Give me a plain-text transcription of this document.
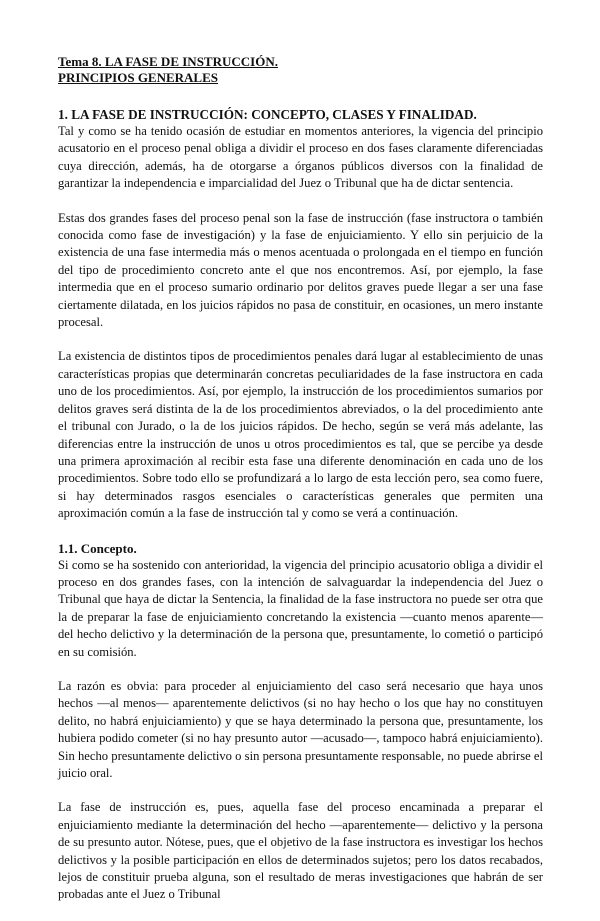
Tema 8. LA FASE DE INSTRUCCIÓN.
PRINCIPIOS GENERALES
1. LA FASE DE INSTRUCCIÓN: CONCEPTO, CLASES Y FINALIDAD.

Tal y como se ha tenido ocasión de estudiar en momentos anteriores, la vigencia del principio acusatorio en el proceso penal obliga a dividir el proceso en dos fases claramente diferenciadas cuya dirección, además, ha de otorgarse a órganos públicos diversos con la finalidad de garantizar la independencia e imparcialidad del Juez o Tribunal que ha de dictar sentencia.

Estas dos grandes fases del proceso penal son la fase de instrucción (fase instructora o también conocida como fase de investigación) y la fase de enjuiciamiento. Y ello sin perjuicio de la existencia de una fase intermedia más o menos acentuada o prolongada en el tiempo en función del tipo de procedimiento concreto ante el que nos encontremos. Así, por ejemplo, la fase intermedia que en el proceso sumario ordinario por delitos graves puede llegar a ser una fase ciertamente dilatada, en los juicios rápidos no pasa de constituir, en ocasiones, un mero instante procesal.

La existencia de distintos tipos de procedimientos penales dará lugar al establecimiento de unas características propias que determinarán concretas peculiaridades de la fase instructora en cada uno de los procedimientos. Así, por ejemplo, la instrucción de los procedimientos sumarios por delitos graves será distinta de la de los procedimientos abreviados, o la del procedimiento ante el tribunal con Jurado, o la de los juicios rápidos. De hecho, según se verá más adelante, las diferencias entre la instrucción de unos u otros procedimientos es tal, que se percibe ya desde una primera aproximación al recibir esta fase una diferente denominación en cada uno de los procedimientos. Sobre todo ello se profundizará a lo largo de esta lección pero, sea como fuere, si hay determinados rasgos esenciales o características generales que permiten una aproximación común a la fase de instrucción tal y como se verá a continuación.

1.1. Concepto.

Si como se ha sostenido con anterioridad, la vigencia del principio acusatorio obliga a dividir el proceso en dos grandes fases, con la intención de salvaguardar la independencia del Juez o Tribunal que haya de dictar la Sentencia, la finalidad de la fase instructora no puede ser otra que la de preparar la fase de enjuiciamiento concretando la existencia —cuanto menos aparente— del hecho delictivo y la determinación de la persona que, presuntamente, lo cometió o participó en su comisión.

La razón es obvia: para proceder al enjuiciamiento del caso será necesario que haya unos hechos —al menos— aparentemente delictivos (si no hay hecho o los que hay no constituyen delito, no habrá enjuiciamiento) y que se haya determinado la persona que, presuntamente, los hubiera podido cometer (si no hay presunto autor —acusado—, tampoco habrá enjuiciamiento). Sin hecho presuntamente delictivo o sin persona presuntamente responsable, no puede abrirse el juicio oral.

La fase de instrucción es, pues, aquella fase del proceso encaminada a preparar el enjuiciamiento mediante la determinación del hecho —aparentemente— delictivo y la persona de su presunto autor. Nótese, pues, que el objetivo de la fase instructora es investigar los hechos delictivos y la posible participación en ellos de determinados sujetos; pero los datos recabados, lejos de constituir prueba alguna, son el resultado de meras investigaciones que habrán de ser probadas ante el Juez o Tribunal
